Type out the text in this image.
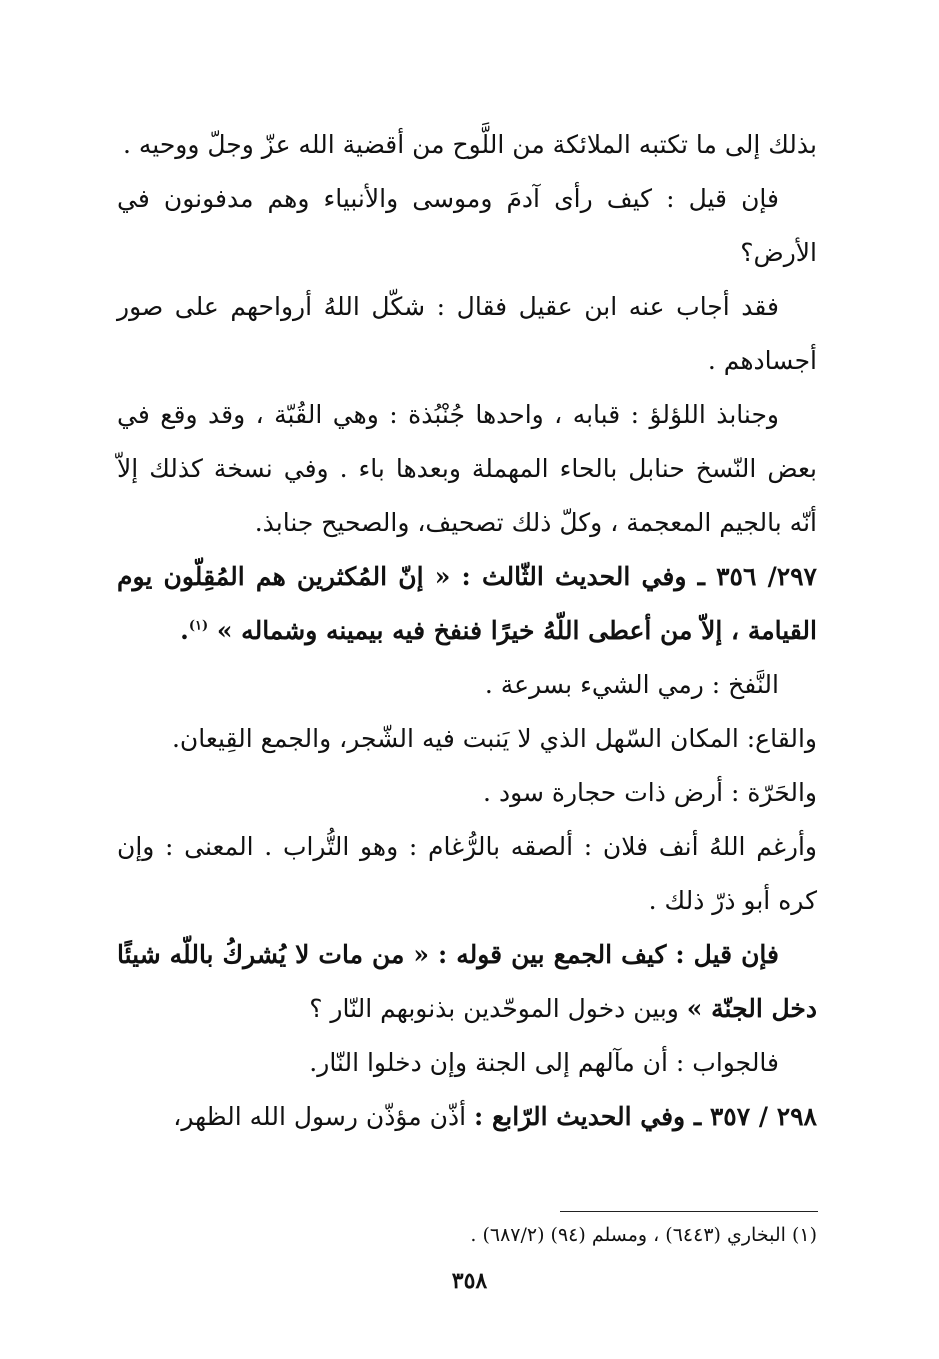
بذلك إلى ما تكتبه الملائكة من اللَّوح من أقضية الله عزّ وجلّ ووحيه .

فإن قيل : كيف رأى آدمَ وموسى والأنبياء وهم مدفونون في الأرض؟

فقد أجاب عنه ابن عقيل فقال : شكّل اللهُ أرواحهم على صور أجسادهم .

وجنابذ اللؤلؤ : قبابه ، واحدها جُنْبُذة : وهي القُبّة ، وقد وقع في بعض النّسخ حنابل بالحاء المهملة وبعدها باء . وفي نسخة كذلك إلاّ أنّه بالجيم المعجمة ، وكلّ ذلك تصحيف، والصحيح جنابذ.

٢٩٧/ ٣٥٦ ـ وفي الحديث الثّالث : « إنّ المُكثرين هم المُقِلّون يوم القيامة ، إلاّ من أعطى اللّهُ خيرًا فنفخ فيه بيمينه وشماله » $^{(١)}$.

النَّفخ : رمي الشيء بسرعة .

والقاع: المكان السّهل الذي لا يَنبت فيه الشّجر، والجمع القِيعان.

والحَرّة : أرض ذات حجارة سود .

وأرغم اللهُ أنف فلان : ألصقه بالرُّغام : وهو التُّراب . المعنى : وإن كره أبو ذرّ ذلك .

فإن قيل : كيف الجمع بين قوله : « من مات لا يُشركُ باللّه شيئًا دخل الجنّة » وبين دخول الموحّدين بذنوبهم النّار ؟

فالجواب : أن مآلهم إلى الجنة وإن دخلوا النّار.

٢٩٨ / ٣٥٧ ـ وفي الحديث الرّابع : أذّن مؤذّن رسول الله الظهر،

(١) البخاري (٦٤٤٣) ، ومسلم (٩٤) (٦٨٧/٢) .
٣٥٨
